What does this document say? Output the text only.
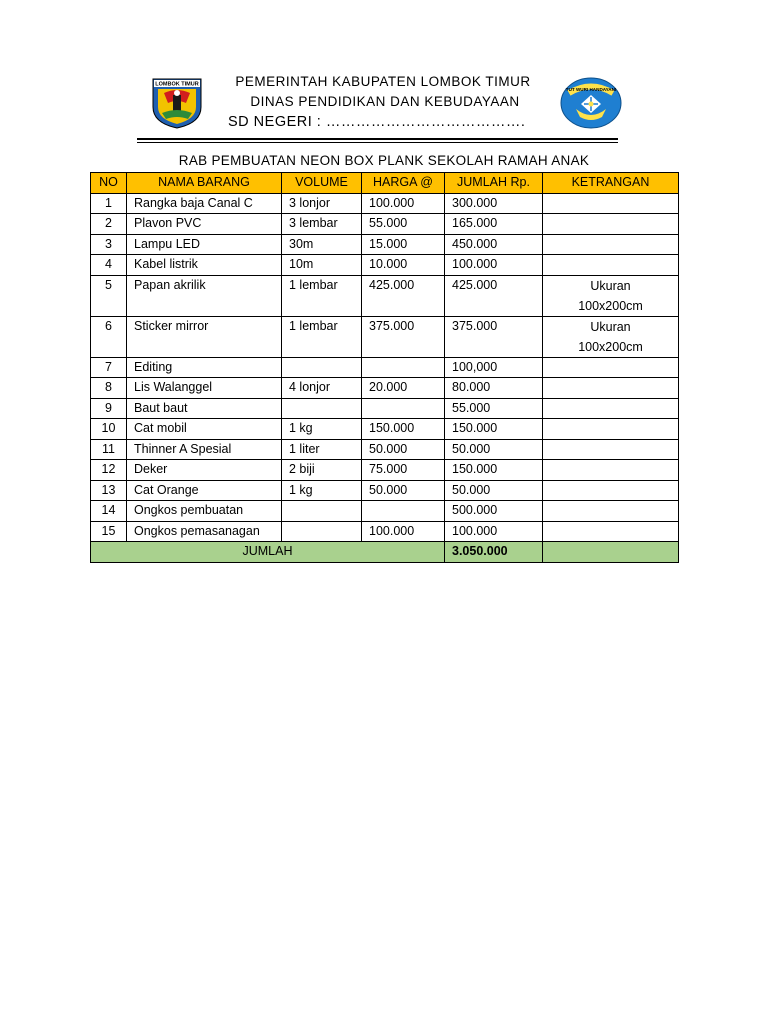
LOMBOK TIMUR	PEMERINTAH KABUPATEN LOMBOK TIMUR
DINAS PENDIDIKAN DAN KEBUDAYAAN
SD NEGERI : ………………………………….
TUT WURI HANDAYANI
RAB PEMBUATAN NEON BOX PLANK SEKOLAH RAMAH ANAK
NO	NAMA BARANG	VOLUME	HARGA @	JUMLAH Rp.	KETRANGAN
1	Rangka baja Canal C	3 lonjor	100.000	300.000	
2	Plavon PVC	3 lembar	55.000	165.000	
3	Lampu LED	30m	15.000	450.000	
4	Kabel listrik	10m	10.000	100.000	
5	Papan akrilik	1 lembar	425.000	425.000	Ukuran
100x200cm

6	Sticker mirror	1 lembar	375.000	375.000	Ukuran
100x200cm

7	Editing			100,000	
8	Lis Walanggel	4 lonjor	20.000	80.000	
9	Baut baut			55.000	
10	Cat mobil	1 kg	150.000	150.000	
11	Thinner A Spesial	1 liter	50.000	50.000	
12	Deker	2 biji	75.000	150.000	
13	Cat Orange	1 kg	50.000	50.000	
14	Ongkos pembuatan			500.000	
15	Ongkos pemasanagan		100.000	100.000	
JUMLAH				3.050.000	
